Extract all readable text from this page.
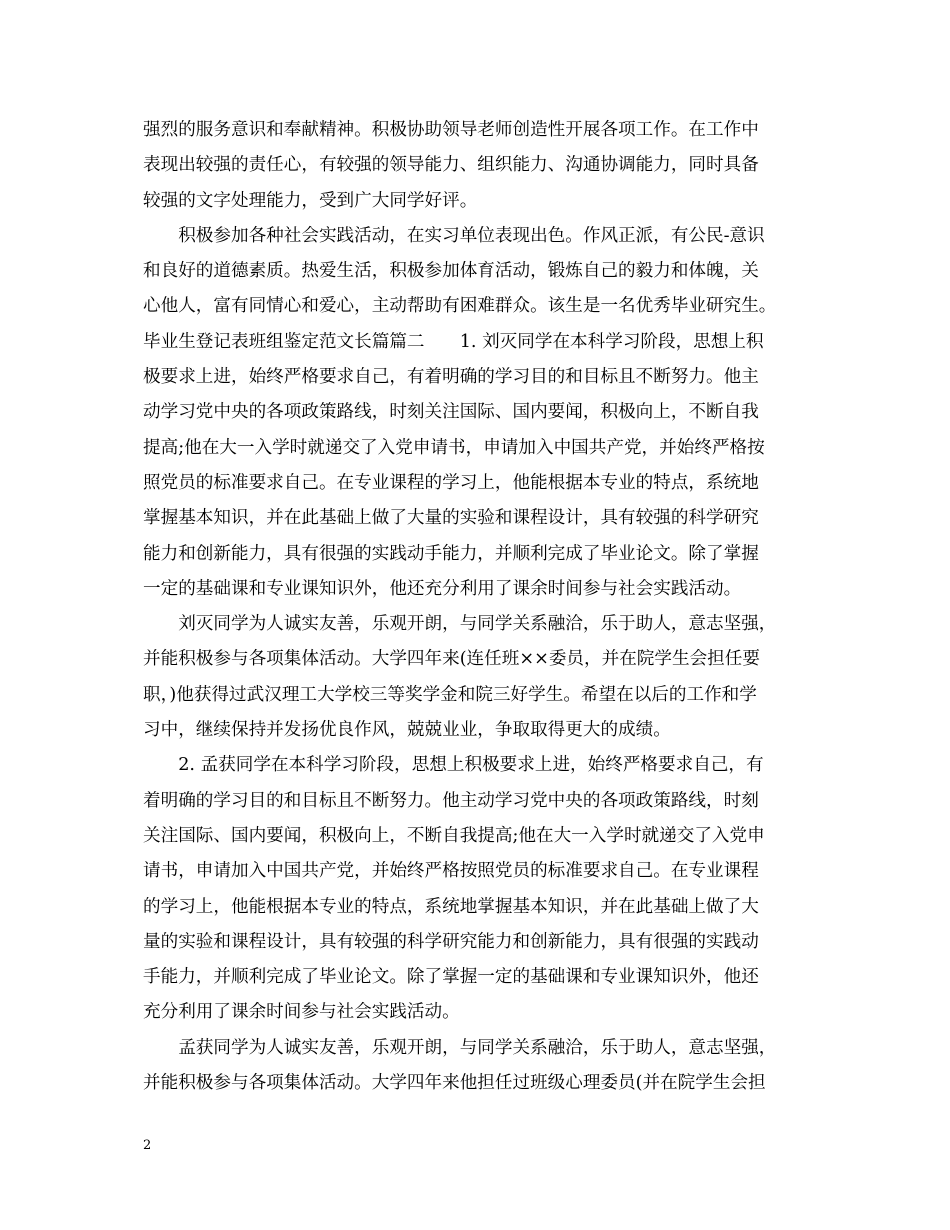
强烈的服务意识和奉献精神。积极协助领导老师创造性开展各项工作。在工作中
表现出较强的责任心，有较强的领导能力、组织能力、沟通协调能力，同时具备
较强的文字处理能力，受到广大同学好评。
　　积极参加各种社会实践活动，在实习单位表现出色。作风正派，有公民-意识
和良好的道德素质。热爱生活，积极参加体育活动，锻炼自己的毅力和体魄，关
心他人，富有同情心和爱心，主动帮助有困难群众。该生是一名优秀毕业研究生。
毕业生登记表班组鉴定范文长篇篇二　　1. 刘灭同学在本科学习阶段，思想上积
极要求上进，始终严格要求自己，有着明确的学习目的和目标且不断努力。他主
动学习党中央的各项政策路线，时刻关注国际、国内要闻，积极向上，不断自我
提高;他在大一入学时就递交了入党申请书，申请加入中国共产党，并始终严格按
照党员的标准要求自己。在专业课程的学习上，他能根据本专业的特点，系统地
掌握基本知识，并在此基础上做了大量的实验和课程设计，具有较强的科学研究
能力和创新能力，具有很强的实践动手能力，并顺利完成了毕业论文。除了掌握
一定的基础课和专业课知识外，他还充分利用了课余时间参与社会实践活动。
　　刘灭同学为人诚实友善，乐观开朗，与同学关系融洽，乐于助人，意志坚强，
并能积极参与各项集体活动。大学四年来(连任班××委员，并在院学生会担任要
职，)他获得过武汉理工大学校三等奖学金和院三好学生。希望在以后的工作和学
习中，继续保持并发扬优良作风，兢兢业业，争取取得更大的成绩。
　　2. 孟获同学在本科学习阶段，思想上积极要求上进，始终严格要求自己，有
着明确的学习目的和目标且不断努力。他主动学习党中央的各项政策路线，时刻
关注国际、国内要闻，积极向上，不断自我提高;他在大一入学时就递交了入党申
请书，申请加入中国共产党，并始终严格按照党员的标准要求自己。在专业课程
的学习上，他能根据本专业的特点，系统地掌握基本知识，并在此基础上做了大
量的实验和课程设计，具有较强的科学研究能力和创新能力，具有很强的实践动
手能力，并顺利完成了毕业论文。除了掌握一定的基础课和专业课知识外，他还
充分利用了课余时间参与社会实践活动。
　　孟获同学为人诚实友善，乐观开朗，与同学关系融洽，乐于助人，意志坚强，
并能积极参与各项集体活动。大学四年来他担任过班级心理委员(并在院学生会担
2
